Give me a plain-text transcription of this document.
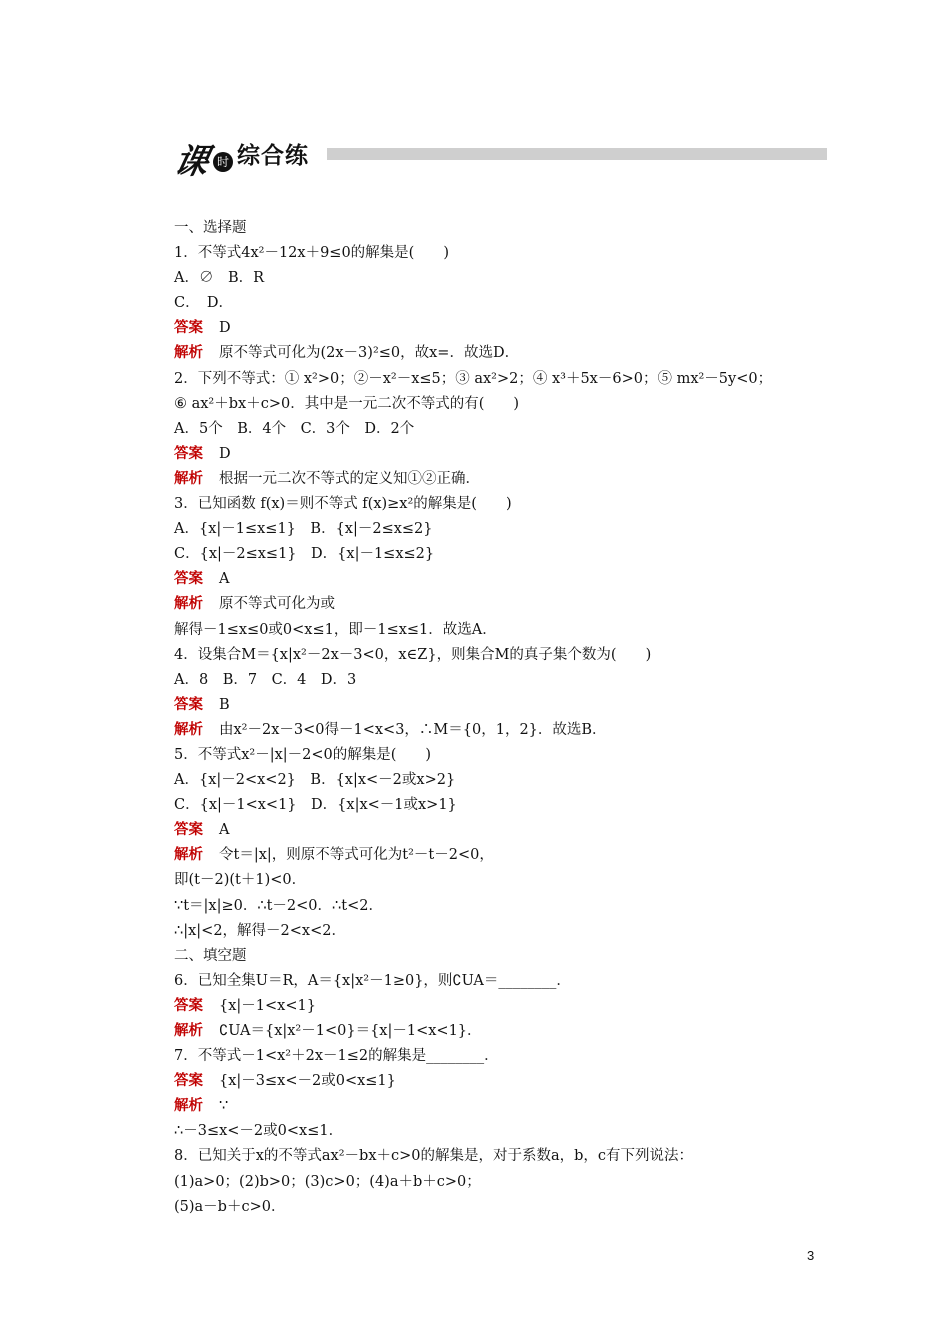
课 时 综合练
一、选择题
1．不等式4x²－12x＋9≤0的解集是(　　)
A．∅　B．R
C．　D．
答案 D
解析 原不等式可化为(2x－3)²≤0，故x=．故选D．
2．下列不等式：① x²>0；②－x²－x≤5；③ ax²>2；④ x³＋5x－6>0；⑤ mx²－5y<0；
⑥ ax²＋bx＋c>0．其中是一元二次不等式的有(　　)
A．5个　B．4个　C．3个　D．2个
答案 D
解析 根据一元二次不等式的定义知①②正确．
3．已知函数 f(x)＝则不等式 f(x)≥x²的解集是(　　)
A．{x|－1≤x≤1}　B．{x|－2≤x≤2}
C．{x|－2≤x≤1}　D．{x|－1≤x≤2}
答案 A
解析 原不等式可化为或
解得－1≤x≤0或0<x≤1，即－1≤x≤1．故选A．
4．设集合M＝{x|x²－2x－3<0，x∈Z}，则集合M的真子集个数为(　　)
A．8　B．7　C．4　D．3
答案 B
解析 由x²－2x－3<0得－1<x<3，∴M＝{0，1，2}．故选B．
5．不等式x²－|x|－2<0的解集是(　　)
A．{x|－2<x<2}　B．{x|x<－2或x>2}
C．{x|－1<x<1}　D．{x|x<－1或x>1}
答案 A
解析 令t＝|x|，则原不等式可化为t²－t－2<0，
即(t－2)(t＋1)<0．
∵t＝|x|≥0．∴t－2<0．∴t<2．
∴|x|<2，解得－2<x<2．
二、填空题
6．已知全集U＝R，A＝{x|x²－1≥0}，则∁UA＝________．
答案 {x|－1<x<1}
解析 ∁UA＝{x|x²－1<0}＝{x|－1<x<1}．
7．不等式－1<x²＋2x－1≤2的解集是________．
答案 {x|－3≤x<－2或0<x≤1}
解析 ∵
∴－3≤x<－2或0<x≤1．
8．已知关于x的不等式ax²－bx＋c>0的解集是，对于系数a，b，c有下列说法：
(1)a>0；(2)b>0；(3)c>0；(4)a＋b＋c>0；
(5)a－b＋c>0．
3
